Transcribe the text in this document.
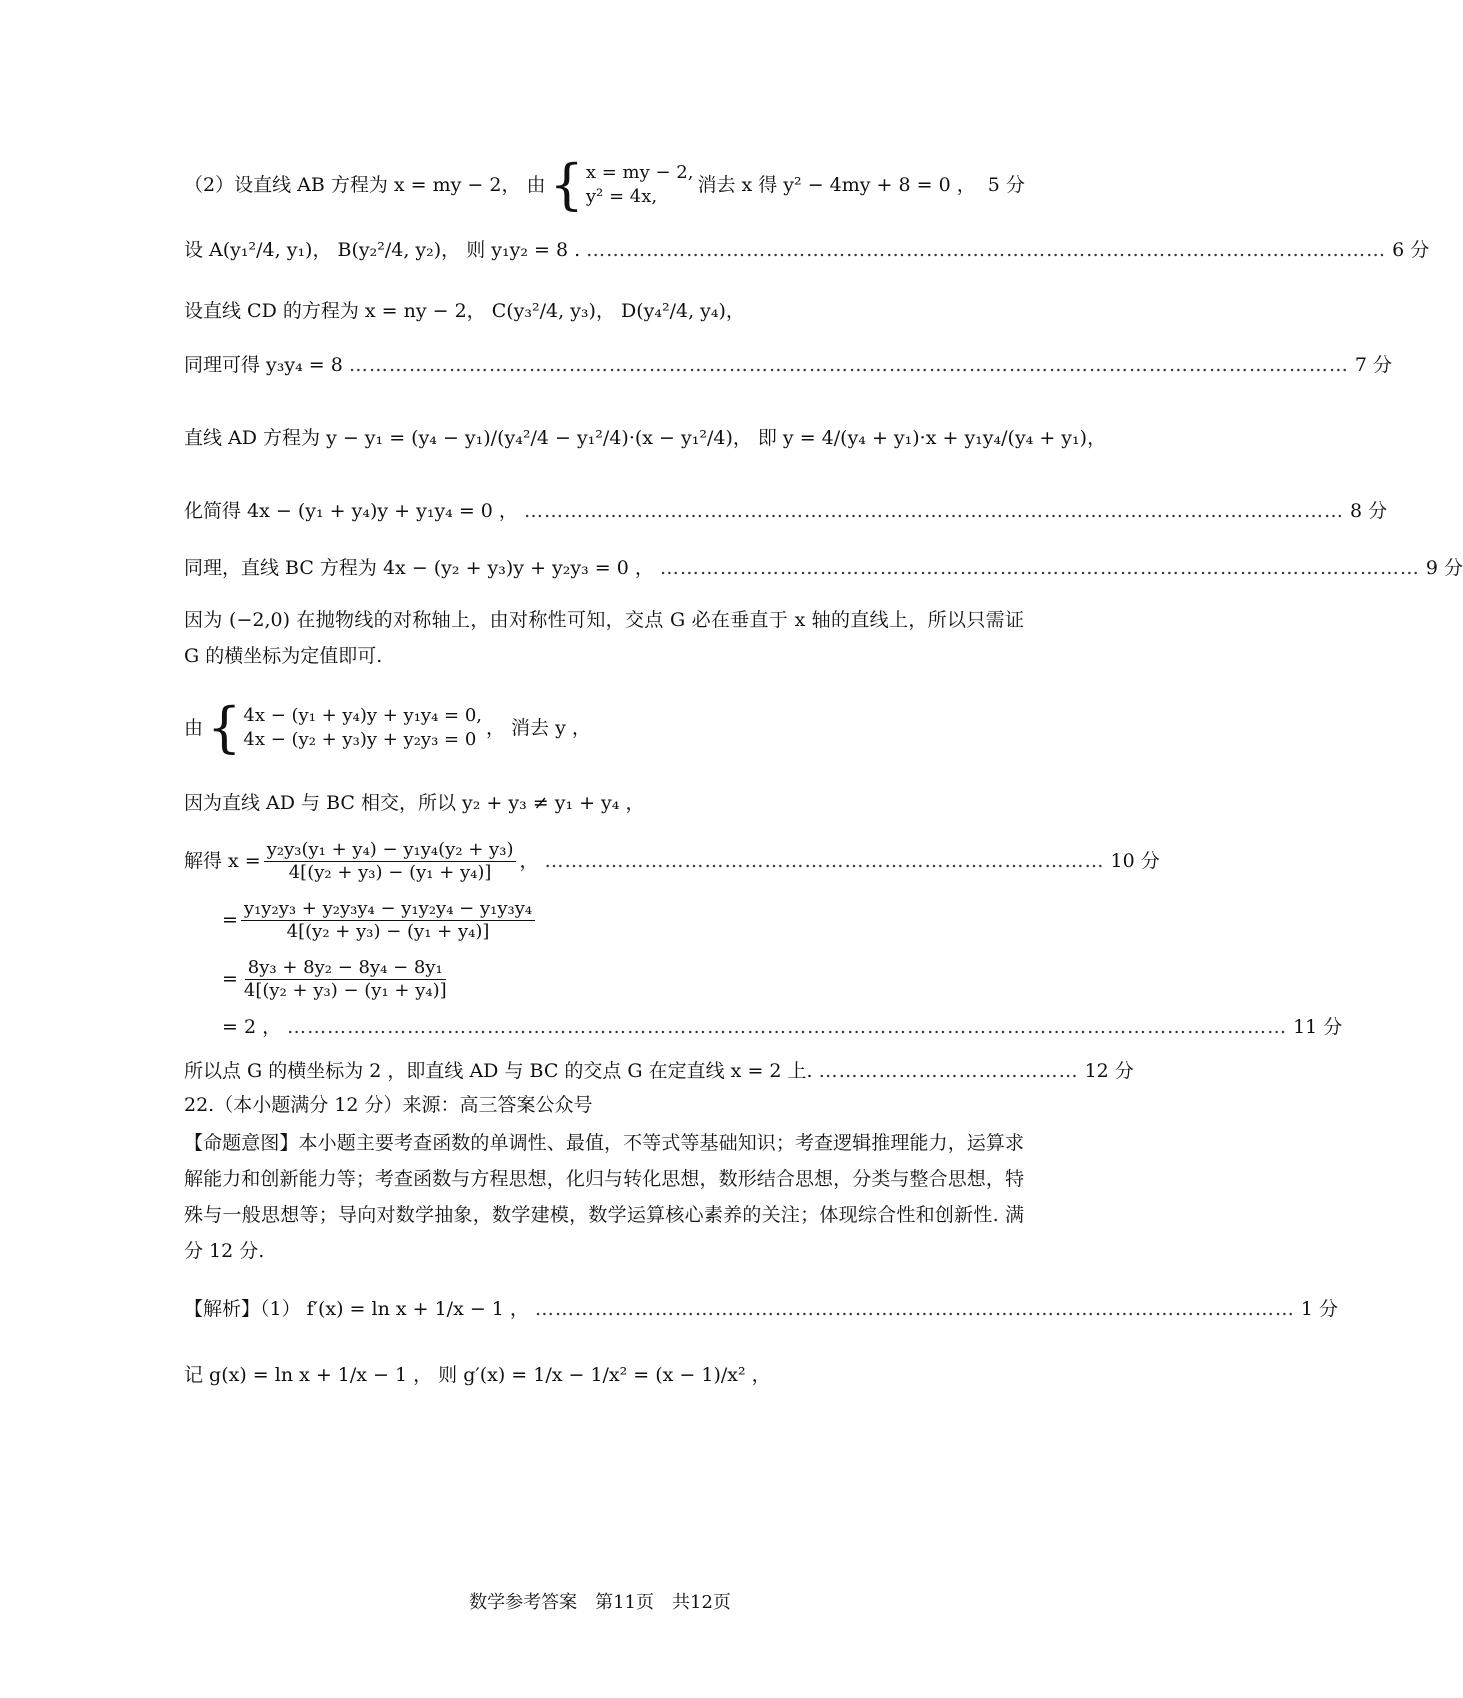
（2）设直线 AB 方程为 x = my − 2， 由 { x = my − 2,
y² = 4x,
消去 x 得 y² − 4my + 8 = 0 ， 5 分
设 A(y₁²/4, y₁)， B(y₂²/4, y₂)， 则 y₁y₂ = 8 . ………………………………………………………………………………………………………… 6 分
设直线 CD 的方程为 x = ny − 2， C(y₃²/4, y₃)， D(y₄²/4, y₄)，
同理可得 y₃y₄ = 8 …………………………………………………………………………………………………………………………………… 7 分
直线 AD 方程为 y − y₁ = (y₄ − y₁)/(y₄²/4 − y₁²/4)·(x − y₁²/4)， 即 y = 4/(y₄ + y₁)·x + y₁y₄/(y₄ + y₁)，
化简得 4x − (y₁ + y₄)y + y₁y₄ = 0 ， …………………………………………………………………………………………………………… 8 分
同理，直线 BC 方程为 4x − (y₂ + y₃)y + y₂y₃ = 0 ， …………………………………………………………………………………………………… 9 分
因为 (−2,0) 在抛物线的对称轴上，由对称性可知，交点 G 必在垂直于 x 轴的直线上，所以只需证 G 的横坐标为定值即可.
由 { 4x − (y₁ + y₄)y + y₁y₄ = 0,
4x − (y₂ + y₃)y + y₂y₃ = 0
， 消去 y ，
因为直线 AD 与 BC 相交，所以 y₂ + y₃ ≠ y₁ + y₄ ，
解得 $x = \frac{\text{y₂y₃(y₁ + y₄) − y₁y₄(y₂ + y₃)}}{\text{4[(y₂ + y₃) − (y₁ + y₄)]}}$ ， ………………………………………………………………………… 10 分
= $\frac{\text{y₁y₂y₃ + y₂y₃y₄ − y₁y₂y₄ − y₁y₃y₄}}{\text{4[(y₂ + y₃) − (y₁ + y₄)]}}$
= $\frac{\text{8y₃ + 8y₂ − 8y₄ − 8y₁}}{\text{4[(y₂ + y₃) − (y₁ + y₄)]}}$
= 2 ， …………………………………………………………………………………………………………………………………… 11 分
所以点 G 的横坐标为 2 ，即直线 AD 与 BC 的交点 G 在定直线 x = 2 上. ………………………………… 12 分
22.（本小题满分 12 分）来源：高三答案公众号
【命题意图】本小题主要考查函数的单调性、最值，不等式等基础知识；考查逻辑推理能力，运算求解能力和创新能力等；考查函数与方程思想，化归与转化思想，数形结合思想，分类与整合思想，特殊与一般思想等；导向对数学抽象，数学建模，数学运算核心素养的关注；体现综合性和创新性. 满分 12 分.
【解析】（1） f′(x) = ln x + 1/x − 1 ， …………………………………………………………………………………………………… 1 分
记 g(x) = ln x + 1/x − 1 ， 则 g′(x) = 1/x − 1/x² = (x − 1)/x² ，
数学参考答案　第11页　共12页
